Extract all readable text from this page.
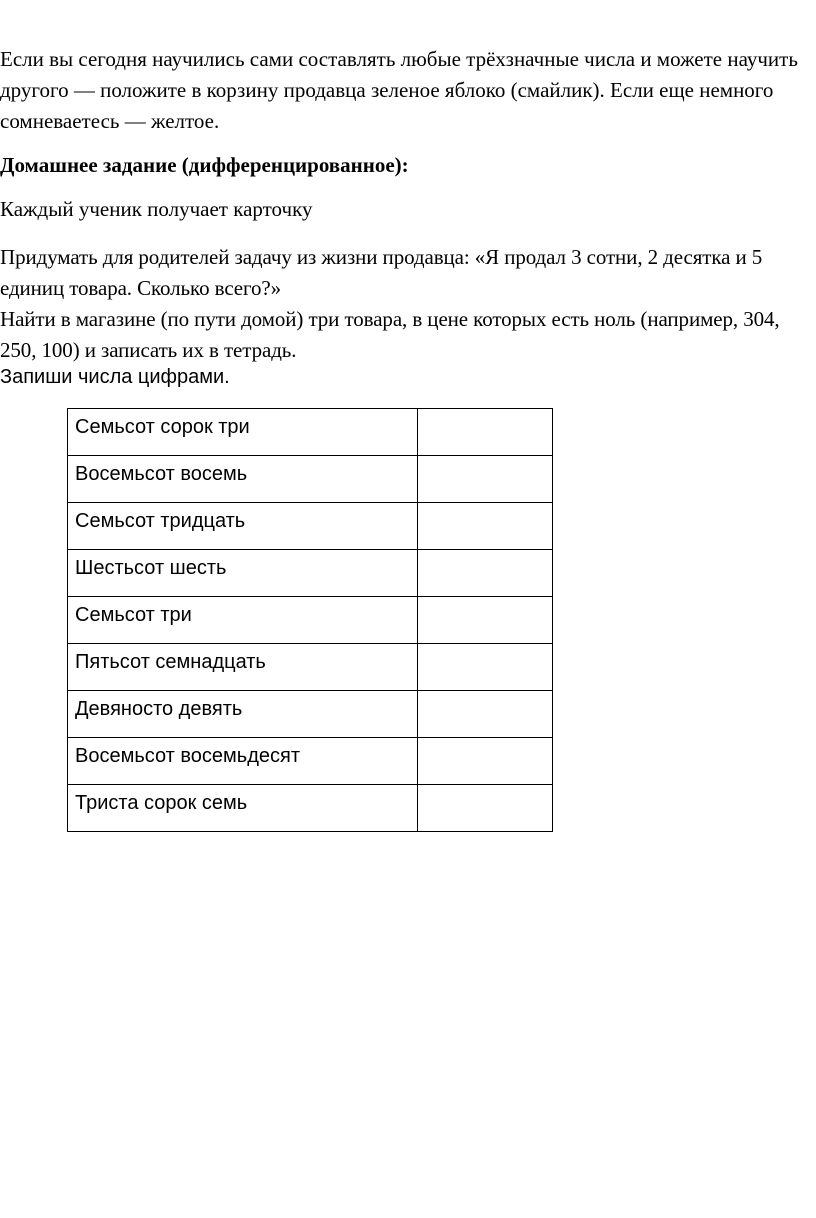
Если вы сегодня научились сами составлять любые трёхзначные числа и можете научить другого — положите в корзину продавца зеленое яблоко (смайлик). Если еще немного сомневаетесь — желтое.

Домашнее задание (дифференцированное):

Каждый ученик получает карточку

Придумать для родителей задачу из жизни продавца: «Я продал 3 сотни, 2 десятка и 5 единиц товара. Сколько всего?»

Найти в магазине (по пути домой) три товара, в цене которых есть ноль (например, 304, 250, 100) и записать их в тетрадь.

Запиши числа цифрами.

Семьсот сорок три	
Восемьсот восемь	
Семьсот тридцать	
Шестьсот шесть	
Семьсот три	
Пятьсот семнадцать	
Девяносто девять	
Восемьсот восемьдесят	
Триста сорок семь	
